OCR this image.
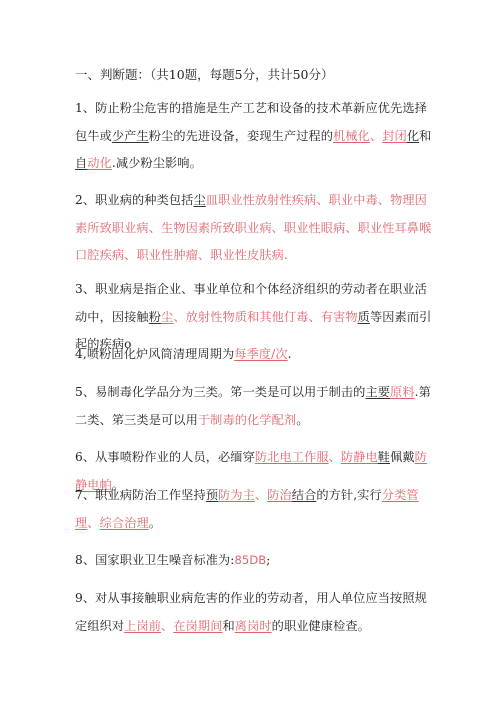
一、判断题：（共10题，每题5分，共计50分）

1、防止粉尘危害的措施是生产工艺和设备的技术革新应优先选择包牛或少产生粉尘的先进设备，娈现生产过程的机械化、封闭化和自动化.减少粉尘影响。

2、职业病的种类包括尘皿职业性放射性疾病、职业中毒、物理因素所致职业病、生物因素所致职业病、职业性眼病、职业性耳鼻喉口腔疾病、职业性肿瘤、职业性皮肤病.

3、职业病是指企业、事业单位和个体经济组织的劳动者在职业活动中，因接触粉尘、放射性物质和其他仃毒、有害物质等因素而引起的疾病o

4,喷粉固化炉风筒清理周期为每季度/次.

5、易制毒化学品分为三类。笫一类是可以用于制击的主要原料.第二类、笫三类是可以用于制毒的化学配剂。

6、从事喷粉作业的人员，必缅穿防北电工作服、防静电鞋佩戴防静电帕。

7、职业病防治工作坚持预防为主、防治结合的方针,实行分类管理、综合治理。

8、国家职业卫生噪音标准为:85DB;

9、对从事接触职业病危害的作业的劳动者，用人单位应当按照规定组织对上岗前、在岗期间和离岗时的职业健康检查。
